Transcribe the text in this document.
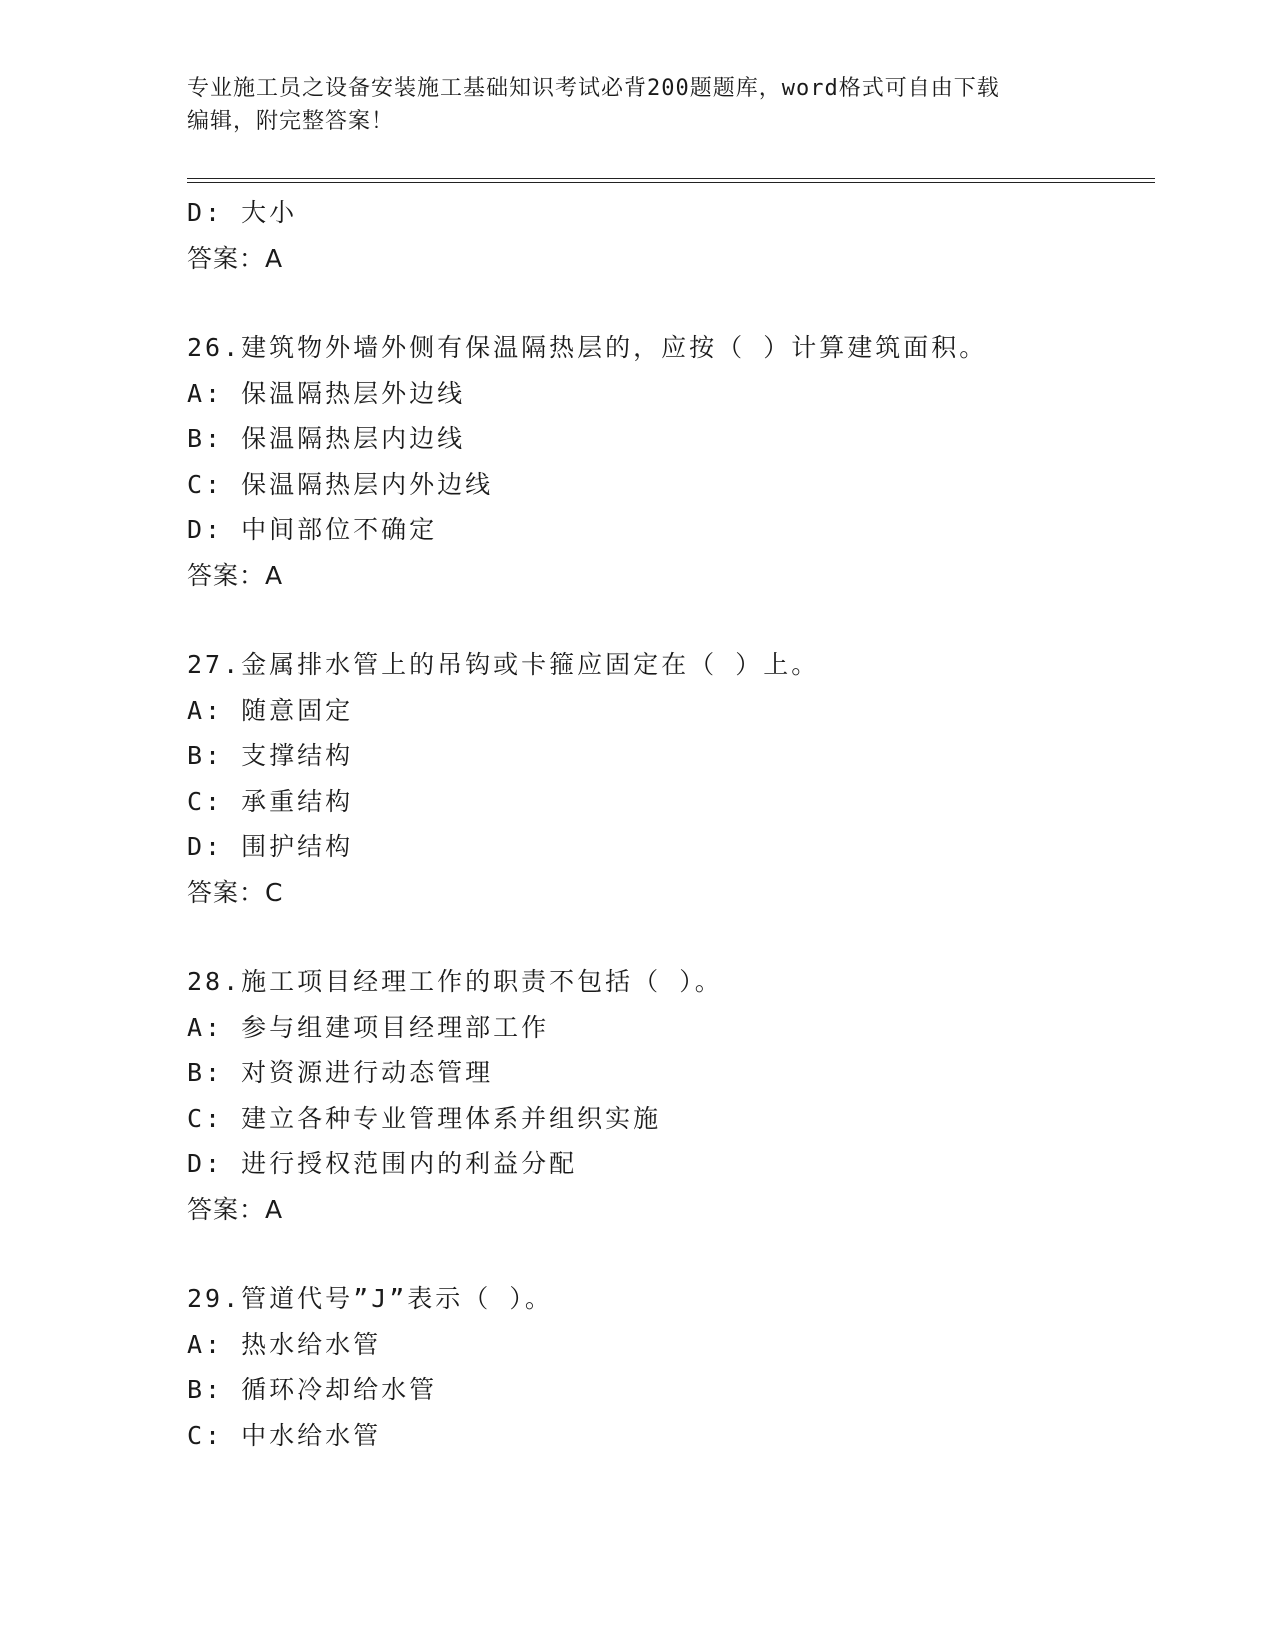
专业施工员之设备安装施工基础知识考试必背200题题库，word格式可自由下载
编辑，附完整答案！
D: 大小
答案：A
26.建筑物外墙外侧有保温隔热层的，应按（ ）计算建筑面积。
A: 保温隔热层外边线
B: 保温隔热层内边线
C: 保温隔热层内外边线
D: 中间部位不确定
答案：A
27.金属排水管上的吊钩或卡箍应固定在（ ）上。
A: 随意固定
B: 支撑结构
C: 承重结构
D: 围护结构
答案：C
28.施工项目经理工作的职责不包括（ ）。
A: 参与组建项目经理部工作
B: 对资源进行动态管理
C: 建立各种专业管理体系并组织实施
D: 进行授权范围内的利益分配
答案：A
29.管道代号”J”表示（ ）。
A: 热水给水管
B: 循环冷却给水管
C: 中水给水管
